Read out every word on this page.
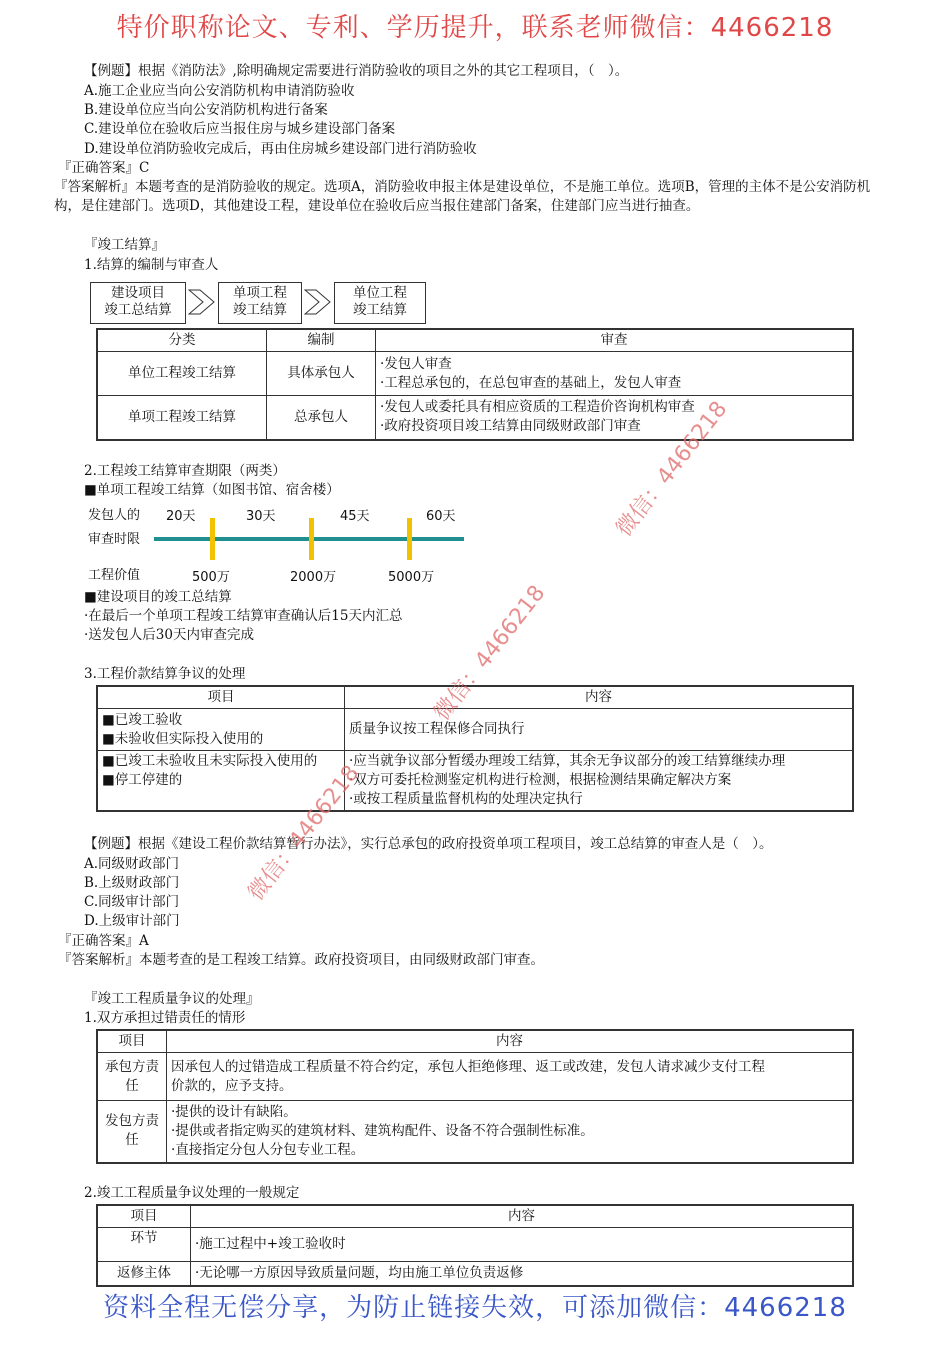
特价职称论文、专利、学历提升，联系老师微信：4466218
【例题】根据《消防法》,除明确规定需要进行消防验收的项目之外的其它工程项目，（　）。
A.施工企业应当向公安消防机构申请消防验收
B.建设单位应当向公安消防机构进行备案
C.建设单位在验收后应当报住房与城乡建设部门备案
D.建设单位消防验收完成后，再由住房城乡建设部门进行消防验收
『正确答案』C
『答案解析』本题考查的是消防验收的规定。选项A，消防验收申报主体是建设单位，不是施工单位。选项B，管理的主体不是公安消防机构，是住建部门。选项D，其他建设工程，建设单位在验收后应当报住建部门备案，住建部门应当进行抽查。
『竣工结算』
1.结算的编制与审查人
建设项目
竣工总结算
单项工程
竣工结算
单位工程
竣工结算
分类	编制	审查
单位工程竣工结算	具体承包人	·发包人审查
·工程总承包的，在总包审查的基础上，发包人审查
单项工程竣工结算	总承包人	·发包人或委托具有相应资质的工程造价咨询机构审查
·政府投资项目竣工结算由同级财政部门审查
2.工程竣工结算审查期限（两类）
■单项工程竣工结算（如图书馆、宿舍楼）
发包人的
审查时限
工程价值
20天	30天	45天	60天
500万	2000万	5000万
■建设项目的竣工总结算
·在最后一个单项工程竣工结算审查确认后15天内汇总
·送发包人后30天内审查完成
3.工程价款结算争议的处理
项目	内容
■已竣工验收
■未验收但实际投入使用的	质量争议按工程保修合同执行
■已竣工未验收且未实际投入使用的
■停工停建的	·应当就争议部分暂缓办理竣工结算，其余无争议部分的竣工结算继续办理
·双方可委托检测鉴定机构进行检测，根据检测结果确定解决方案
·或按工程质量监督机构的处理决定执行
【例题】根据《建设工程价款结算暂行办法》，实行总承包的政府投资单项工程项目，竣工总结算的审查人是（　）。
A.同级财政部门
B.上级财政部门
C.同级审计部门
D.上级审计部门
『正确答案』A
『答案解析』本题考查的是工程竣工结算。政府投资项目，由同级财政部门审查。
『竣工工程质量争议的处理』
1.双方承担过错责任的情形
项目	内容
承包方责
任	因承包人的过错造成工程质量不符合约定，承包人拒绝修理、返工或改建，发包人请求减少支付工程
价款的，应予支持。
发包方责
任	·提供的设计有缺陷。
·提供或者指定购买的建筑材料、建筑构配件、设备不符合强制性标准。
·直接指定分包人分包专业工程。
2.竣工工程质量争议处理的一般规定
项目	内容
环节	·施工过程中+竣工验收时
返修主体	·无论哪一方原因导致质量问题，均由施工单位负责返修
微信：4466218
微信：4466218
微信：4466218
资料全程无偿分享，为防止链接失效，可添加微信：4466218
